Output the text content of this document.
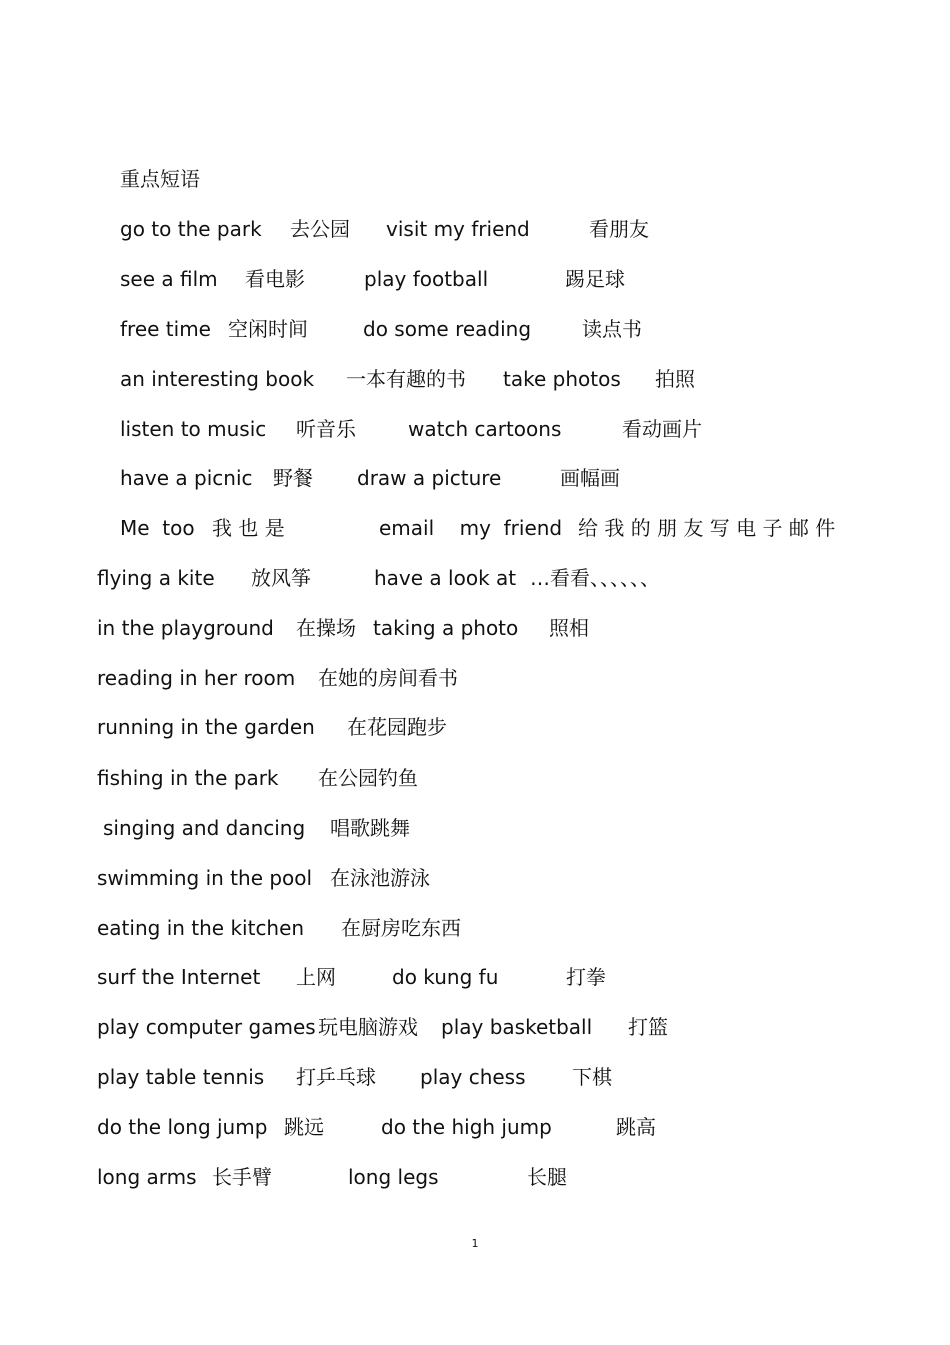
重点短语
go to the park 去公园 visit my friend	看朋友
see a film 看电影	play football	踢足球
free time 空闲时间	do some reading	读点书
an interesting book 一本有趣的书 take photos 拍照
listen to music 听音乐	watch cartoons	看动画片
have a picnic 野餐 draw a picture	画幅画
Me  too 我 也 是	email    my  friend 给 我 的 朋 友 写 电 子 邮 件
flying a kite 放风筝	have a look at …看看、、、、、、
in the playground 在操场 taking a photo 照相
reading in her room 在她的房间看书
running in the garden 在花园跑步
fishing in the park 在公园钓鱼
singing and dancing 唱歌跳舞
swimming in the pool 在泳池游泳
eating in the kitchen 在厨房吃东西
surf the Internet 上网	do kung fu	打拳
play computer games 玩电脑游戏 play basketball 打篮
play table tennis 打乒乓球 play chess 下棋
do the long jump 跳远	do the high jump	跳高
long arms 长手臂	long legs	长腿
1
